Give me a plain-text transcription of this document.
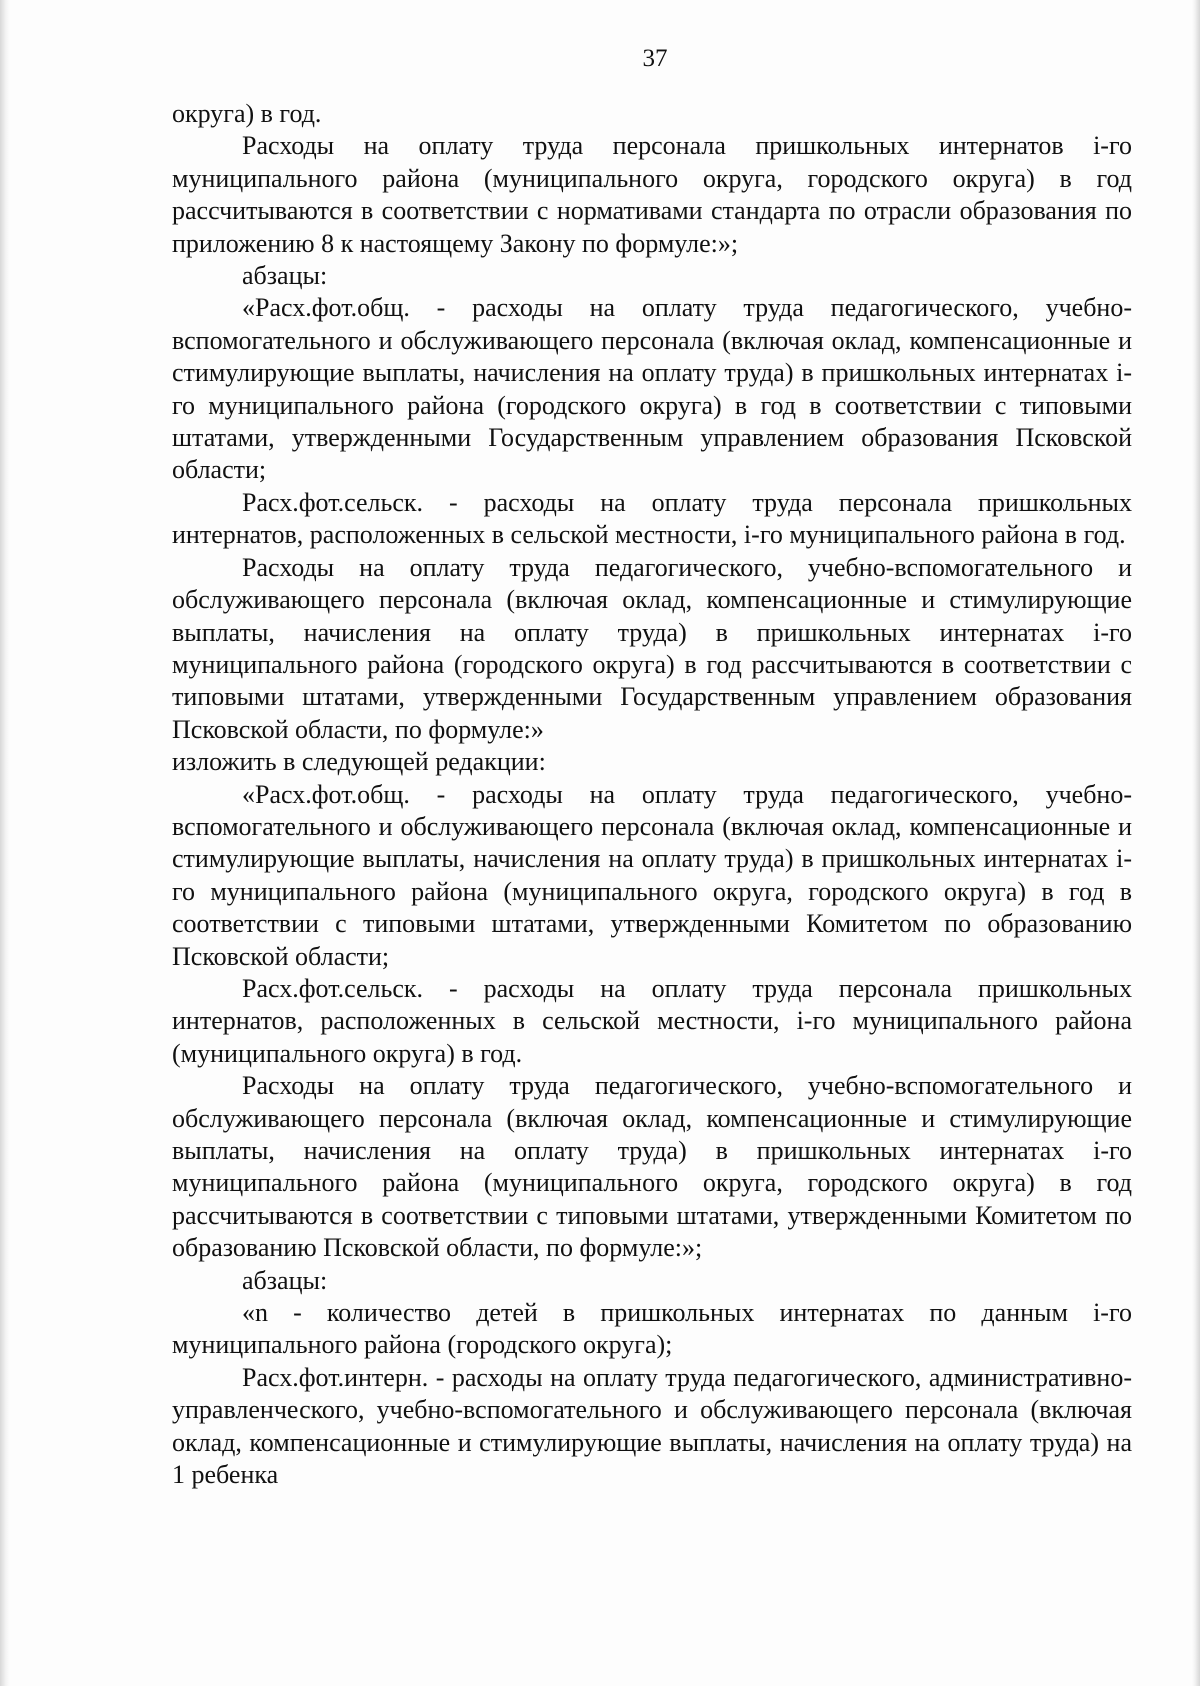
37

округа) в год.

Расходы на оплату труда персонала пришкольных интернатов i-го муниципального района (муниципального округа, городского округа) в год рассчитываются в соответствии с нормативами стандарта по отрасли образования по приложению 8 к настоящему Закону по формуле:»;

абзацы:

«Расх.фот.общ. - расходы на оплату труда педагогического, учебно-вспомогательного и обслуживающего персонала (включая оклад, компенсационные и стимулирующие выплаты, начисления на оплату труда) в пришкольных интернатах i-го муниципального района (городского округа) в год в соответствии с типовыми штатами, утвержденными Государственным управлением образования Псковской области;

Расх.фот.сельск. - расходы на оплату труда персонала пришкольных интернатов, расположенных в сельской местности, i-го муниципального района в год.

Расходы на оплату труда педагогического, учебно-вспомогательного и обслуживающего персонала (включая оклад, компенсационные и стимулирующие выплаты, начисления на оплату труда) в пришкольных интернатах i-го муниципального района (городского округа) в год рассчитываются в соответствии с типовыми штатами, утвержденными Государственным управлением образования Псковской области, по формуле:»

изложить в следующей редакции:

«Расх.фот.общ. - расходы на оплату труда педагогического, учебно-вспомогательного и обслуживающего персонала (включая оклад, компенсационные и стимулирующие выплаты, начисления на оплату труда) в пришкольных интернатах i-го муниципального района (муниципального округа, городского округа) в год в соответствии с типовыми штатами, утвержденными Комитетом по образованию Псковской области;

Расх.фот.сельск. - расходы на оплату труда персонала пришкольных интернатов, расположенных в сельской местности, i-го муниципального района (муниципального округа) в год.

Расходы на оплату труда педагогического, учебно-вспомогательного и обслуживающего персонала (включая оклад, компенсационные и стимулирующие выплаты, начисления на оплату труда) в пришкольных интернатах i-го муниципального района (муниципального округа, городского округа) в год рассчитываются в соответствии с типовыми штатами, утвержденными Комитетом по образованию Псковской области, по формуле:»;

абзацы:

«n - количество детей в пришкольных интернатах по данным i-го муниципального района (городского округа);

Расх.фот.интерн. - расходы на оплату труда педагогического, административно-управленческого, учебно-вспомогательного и обслуживающего персонала (включая оклад, компенсационные и стимулирующие выплаты, начисления на оплату труда) на 1 ребенка
